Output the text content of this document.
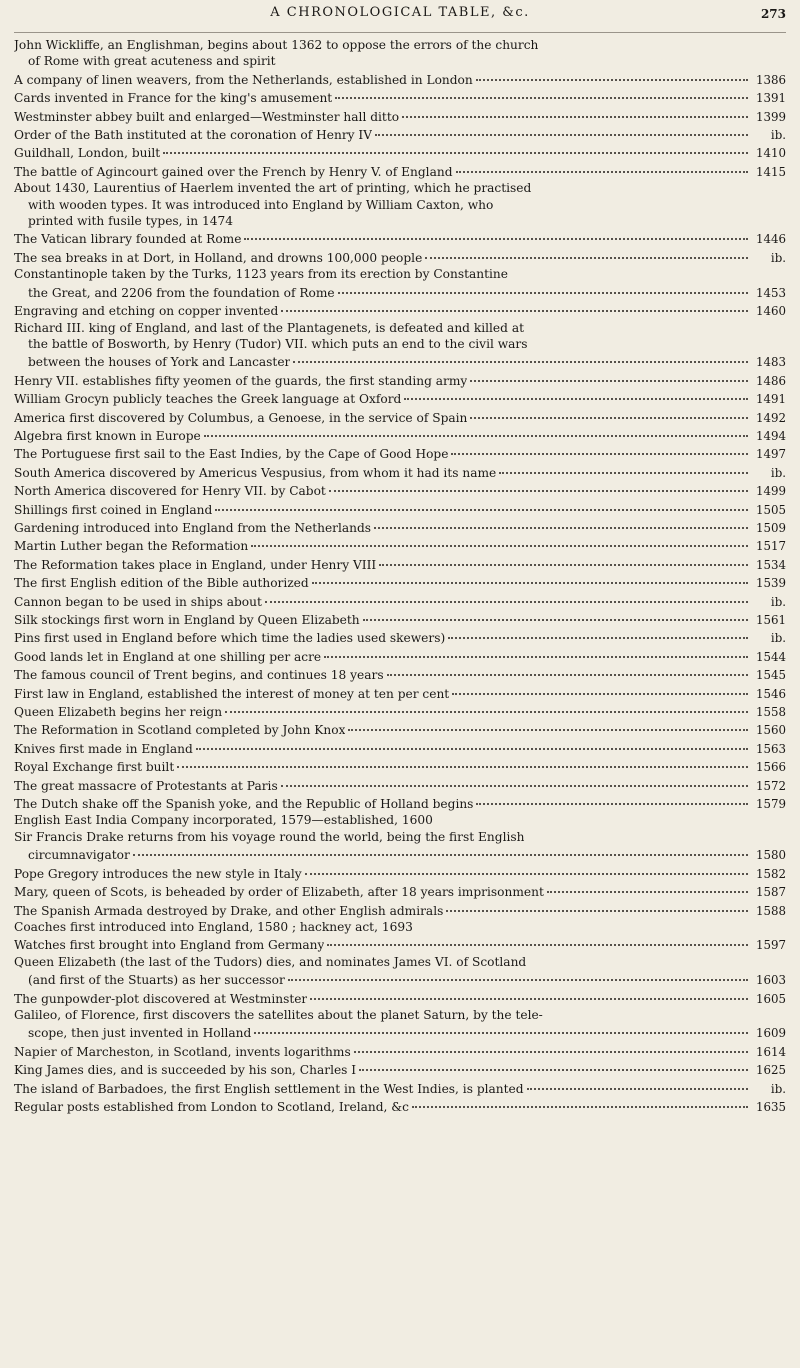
A CHRONOLOGICAL TABLE, &c.	273
John Wickliffe, an Englishman, begins about 1362 to oppose the errors of the church
of Rome with great acuteness and spirit
A company of linen weavers, from the Netherlands, established in London	1386
Cards invented in France for the king's amusement	1391
Westminster abbey built and enlarged—Westminster hall ditto	1399
Order of the Bath instituted at the coronation of Henry IV	ib.
Guildhall, London, built	1410
The battle of Agincourt gained over the French by Henry V. of England	1415
About 1430, Laurentius of Haerlem invented the art of printing, which he practised
with wooden types. It was introduced into England by William Caxton, who
printed with fusile types, in 1474
The Vatican library founded at Rome	1446
The sea breaks in at Dort, in Holland, and drowns 100,000 people	ib.
Constantinople taken by the Turks, 1123 years from its erection by Constantine
the Great, and 2206 from the foundation of Rome	1453
Engraving and etching on copper invented	1460
Richard III. king of England, and last of the Plantagenets, is defeated and killed at
the battle of Bosworth, by Henry (Tudor) VII. which puts an end to the civil wars
between the houses of York and Lancaster	1483
Henry VII. establishes fifty yeomen of the guards, the first standing army	1486
William Grocyn publicly teaches the Greek language at Oxford	1491
America first discovered by Columbus, a Genoese, in the service of Spain	1492
Algebra first known in Europe	1494
The Portuguese first sail to the East Indies, by the Cape of Good Hope	1497
South America discovered by Americus Vespusius, from whom it had its name	ib.
North America discovered for Henry VII. by Cabot	1499
Shillings first coined in England	1505
Gardening introduced into England from the Netherlands	1509
Martin Luther began the Reformation	1517
The Reformation takes place in England, under Henry VIII	1534
The first English edition of the Bible authorized	1539
Cannon began to be used in ships about	ib.
Silk stockings first worn in England by Queen Elizabeth	1561
Pins first used in England before which time the ladies used skewers)	ib.
Good lands let in England at one shilling per acre	1544
The famous council of Trent begins, and continues 18 years	1545
First law in England, established the interest of money at ten per cent	1546
Queen Elizabeth begins her reign	1558
The Reformation in Scotland completed by John Knox	1560
Knives first made in England	1563
Royal Exchange first built	1566
The great massacre of Protestants at Paris	1572
The Dutch shake off the Spanish yoke, and the Republic of Holland begins	1579
English East India Company incorporated, 1579—established, 1600
Sir Francis Drake returns from his voyage round the world, being the first English
circumnavigator	1580
Pope Gregory introduces the new style in Italy	1582
Mary, queen of Scots, is beheaded by order of Elizabeth, after 18 years imprisonment	1587
The Spanish Armada destroyed by Drake, and other English admirals	1588
Coaches first introduced into England, 1580 ; hackney act, 1693
Watches first brought into England from Germany	1597
Queen Elizabeth (the last of the Tudors) dies, and nominates James VI. of Scotland
(and first of the Stuarts) as her successor	1603
The gunpowder-plot discovered at Westminster	1605
Galileo, of Florence, first discovers the satellites about the planet Saturn, by the tele-
scope, then just invented in Holland	1609
Napier of Marcheston, in Scotland, invents logarithms	1614
King James dies, and is succeeded by his son, Charles I	1625
The island of Barbadoes, the first English settlement in the West Indies, is planted	ib.
Regular posts established from London to Scotland, Ireland, &c	1635
